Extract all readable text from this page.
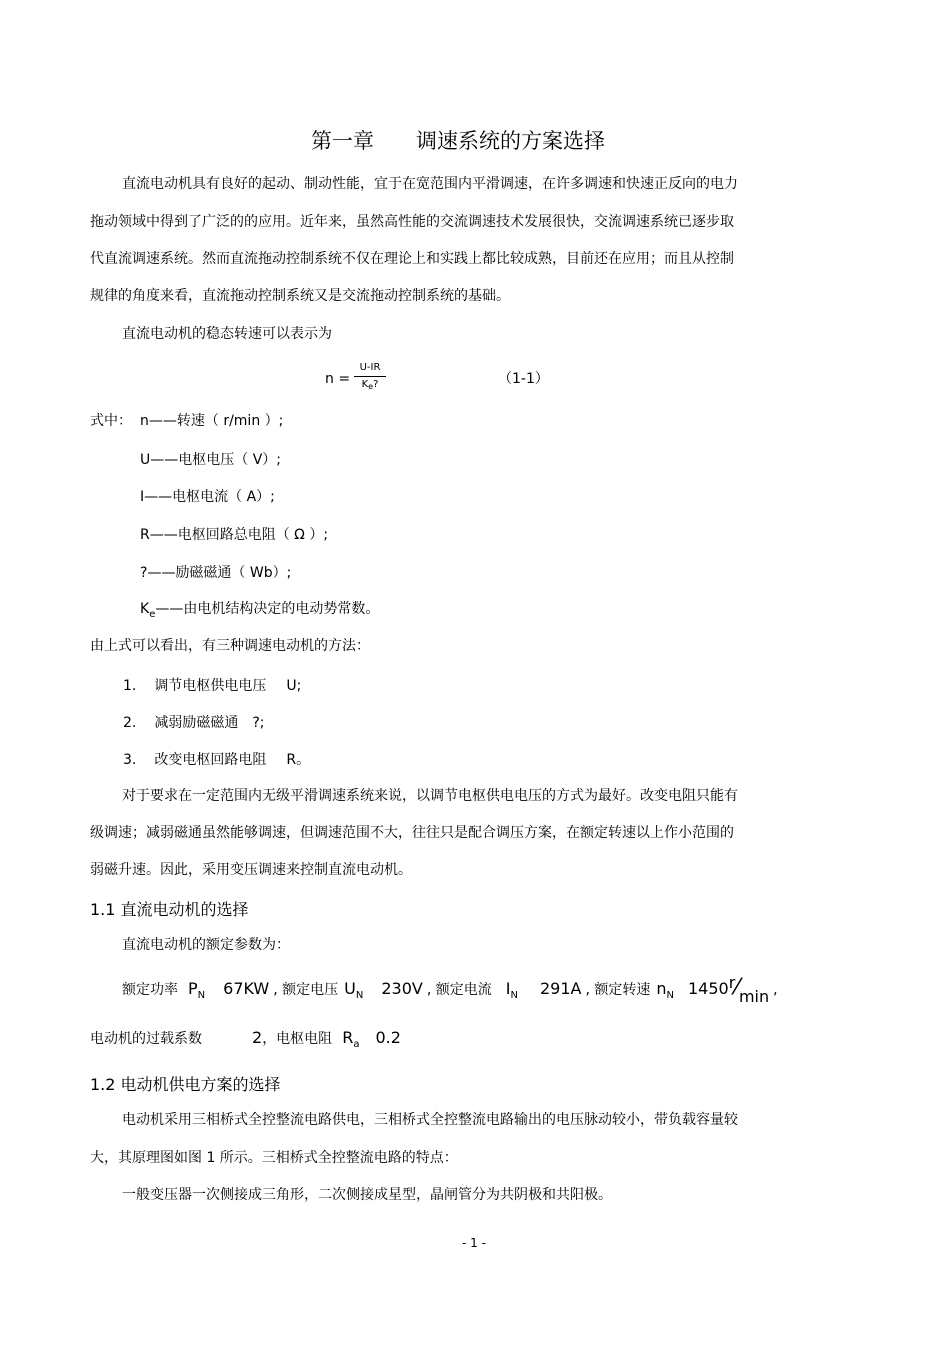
第一章　　调速系统的方案选择
直流电动机具有良好的起动、制动性能，宜于在宽范围内平滑调速，在许多调速和快速正反向的电力
拖动领域中得到了广泛的的应用。近年来，虽然高性能的交流调速技术发展很快，交流调速系统已逐步取
代直流调速系统。然而直流拖动控制系统不仅在理论上和实践上都比较成熟，目前还在应用；而且从控制
规律的角度来看，直流拖动控制系统又是交流拖动控制系统的基础。
直流电动机的稳态转速可以表示为
n =
U-IR
$K_e$?	（1-1）
式中： n——转速（ r/min ）;
U——电枢电压（ V）;
I——电枢电流（ A）;
R——电枢回路总电阻（ Ω ）;
?——励磁磁通（ Wb）;
$K_e——$由电机结构决定的电动势常数。
由上式可以看出，有三种调速电动机的方法：
1. 调节电枢供电电压 U;
2. 减弱励磁磁通 ?;
3. 改变电枢回路电阻 R。
对于要求在一定范围内无级平滑调速系统来说，以调节电枢供电电压的方式为最好。改变电阻只能有
级调速；减弱磁通虽然能够调速，但调速范围不大，往往只是配合调压方案，在额定转速以上作小范围的
弱磁升速。因此，采用变压调速来控制直流电动机。
1.1 直流电动机的选择
直流电动机的额定参数为：
额定功率 $P_N$ 67KW , 额定电压 $U_N$ 230V , 额定电流 $I_N$ 291A , 额定转速 $n_N$ 1450r⁄min ,
电动机的过载系数	2，电枢电阻 $R_a$ 0.2
1.2 电动机供电方案的选择
电动机采用三相桥式全控整流电路供电，三相桥式全控整流电路输出的电压脉动较小，带负载容量较
大，其原理图如图 1 所示。三相桥式全控整流电路的特点：
一般变压器一次侧接成三角形，二次侧接成星型，晶闸管分为共阴极和共阳极。
- 1 -
